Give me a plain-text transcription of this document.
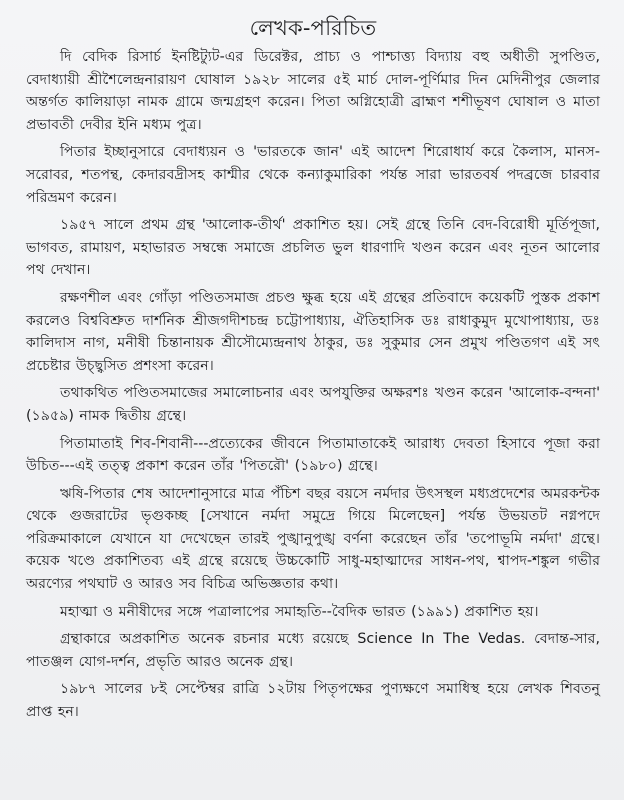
লেখক-পরিচিত

দি বেদিক রিসার্চ ইনষ্টিট্যুট-এর ডিরেক্টর, প্রাচ্য ও পাশ্চাত্ত্য বিদ্যায় বহু অধীতী সুপণ্ডিত, বেদাধ্যায়ী শ্রীশৈলেন্দ্রনারায়ণ ঘোষাল ১৯২৮ সালের ৫ই মার্চ দোল-পূর্ণিমার দিন মেদিনীপুর জেলার অন্তর্গত কালিয়াড়া নামক গ্রামে জন্মগ্রহণ করেন। পিতা অগ্নিহোত্রী ব্রাহ্মণ শশীভূষণ ঘোষাল ও মাতা প্রভাবতী দেবীর ইনি মধ্যম পুত্র।

পিতার ইচ্ছানুসারে বেদাধ্যয়ন ও 'ভারতকে জান' এই আদেশ শিরোধার্য করে কৈলাস, মানস-সরোবর, শতপন্থ, কেদারবদ্রীসহ কাশ্মীর থেকে কন্যাকুমারিকা পর্যন্ত সারা ভারতবর্ষ পদব্রজে চারবার পরিভ্রমণ করেন।

১৯৫৭ সালে প্রথম গ্রন্থ 'আলোক-তীর্থ' প্রকাশিত হয়। সেই গ্রন্থে তিনি বেদ-বিরোধী মূর্তিপূজা, ভাগবত, রামায়ণ, মহাভারত সম্বন্ধে সমাজে প্রচলিত ভুল ধারণাদি খণ্ডন করেন এবং নূতন আলোর পথ দেখান।

রক্ষণশীল এবং গোঁড়া পণ্ডিতসমাজ প্রচণ্ড ক্ষুব্ধ হয়ে এই গ্রন্থের প্রতিবাদে কয়েকটি পুস্তক প্রকাশ করলেও বিশ্ববিশ্রুত দার্শনিক শ্রীজগদীশচন্দ্র চট্টোপাধ্যায়, ঐতিহাসিক ডঃ রাধাকুমুদ মুখোপাধ্যায়, ডঃ কালিদাস নাগ, মনীষী চিন্তানায়ক শ্রীসৌম্যেন্দ্রনাথ ঠাকুর, ডঃ সুকুমার সেন প্রমুখ পণ্ডিতগণ এই সৎ প্রচেষ্টার উচ্ছ্বসিত প্রশংসা করেন।

তথাকথিত পণ্ডিতসমাজের সমালোচনার এবং অপযুক্তির অক্ষরশঃ খণ্ডন করেন 'আলোক-বন্দনা' (১৯৫৯) নামক দ্বিতীয় গ্রন্থে।

পিতামাতাই শিব-শিবানী---প্রত্যেকের জীবনে পিতামাতাকেই আরাধ্য দেবতা হিসাবে পূজা করা উচিত---এই তত্ত্ব প্রকাশ করেন তাঁর 'পিতরৌ' (১৯৮০) গ্রন্থে।

ঋষি-পিতার শেষ আদেশানুসারে মাত্র পঁচিশ বছর বয়সে নর্মদার উৎসস্থল মধ্যপ্রদেশের অমরকন্টক থেকে গুজরাটের ভৃগুকচ্ছ [সেখানে নর্মদা সমুদ্রে গিয়ে মিলেছেন] পর্যন্ত উভয়তট নগ্নপদে পরিক্রমাকালে যেখানে যা দেখেছেন তারই পুঙ্খানুপুঙ্খ বর্ণনা করেছেন তাঁর 'তপোভূমি নর্মদা' গ্রন্থে। কয়েক খণ্ডে প্রকাশিতব্য এই গ্রন্থে রয়েছে উচ্চকোটি সাধু-মহাত্মাদের সাধন-পথ, শ্বাপদ-শঙ্কুল গভীর অরণ্যের পথঘাট ও আরও সব বিচিত্র অভিজ্ঞতার কথা।

মহাত্মা ও মনীষীদের সঙ্গে পত্রালাপের সমাহৃতি--বৈদিক ভারত (১৯৯১) প্রকাশিত হয়।

গ্রন্থাকারে অপ্রকাশিত অনেক রচনার মধ্যে রয়েছে Science In The Vedas. বেদান্ত-সার, পাতঞ্জল যোগ-দর্শন, প্রভৃতি আরও অনেক গ্রন্থ।

১৯৮৭ সালের ৮ই সেপ্টেম্বর রাত্রি ১২টায় পিতৃপক্ষের পুণ্যক্ষণে সমাধিস্থ হয়ে লেখক শিবতনু প্রাপ্ত হন।
